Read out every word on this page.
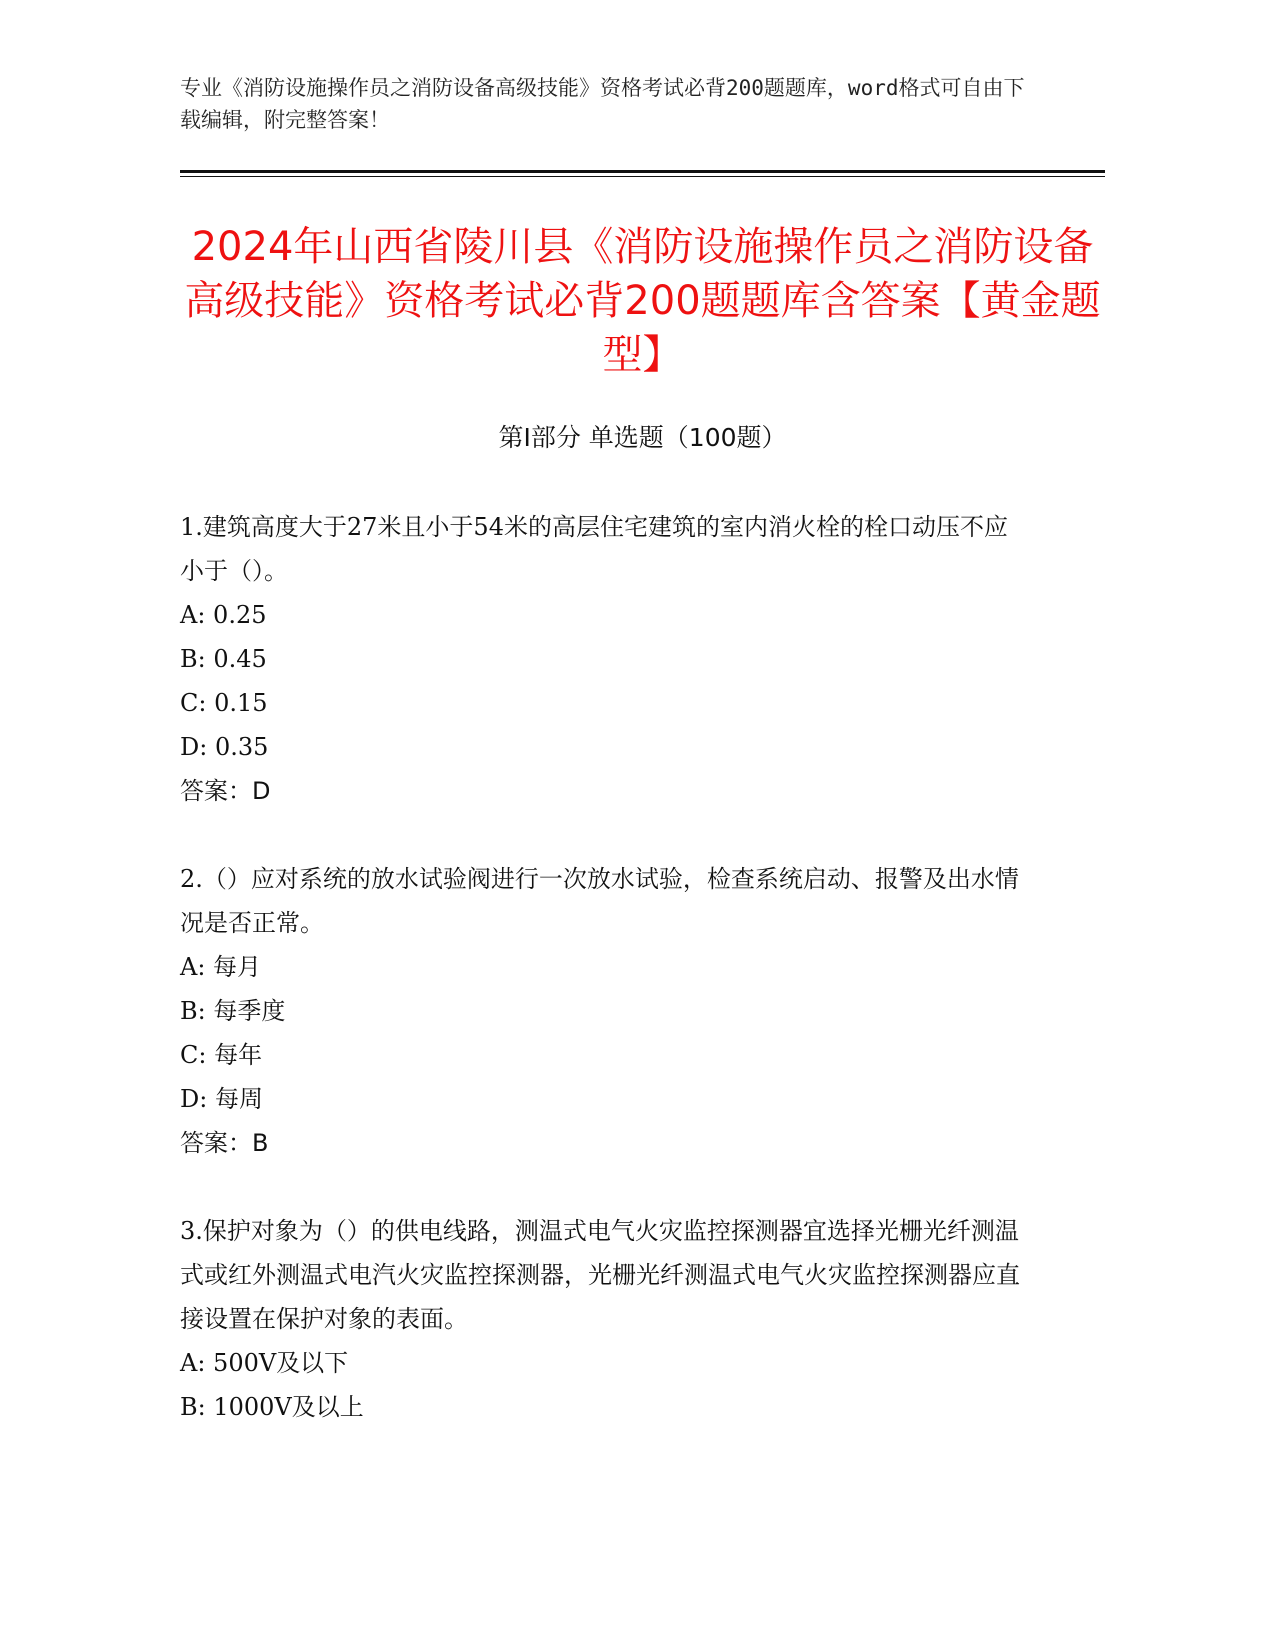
专业《消防设施操作员之消防设备高级技能》资格考试必背200题题库，word格式可自由下载编辑，附完整答案！
2024年山西省陵川县《消防设施操作员之消防设备高级技能》资格考试必背200题题库含答案【黄金题型】
第Ⅰ部分 单选题（100题）

1.建筑高度大于27米且小于54米的高层住宅建筑的室内消火栓的栓口动压不应小于（）。

A: 0.25
B: 0.45
C: 0.15
D: 0.35
答案：D

2.（）应对系统的放水试验阀进行一次放水试验，检查系统启动、报警及出水情况是否正常。

A: 每月
B: 每季度
C: 每年
D: 每周
答案：B

3.保护对象为（）的供电线路，测温式电气火灾监控探测器宜选择光栅光纤测温式或红外测温式电汽火灾监控探测器，光栅光纤测温式电气火灾监控探测器应直接设置在保护对象的表面。

A: 500V及以下
B: 1000V及以上
